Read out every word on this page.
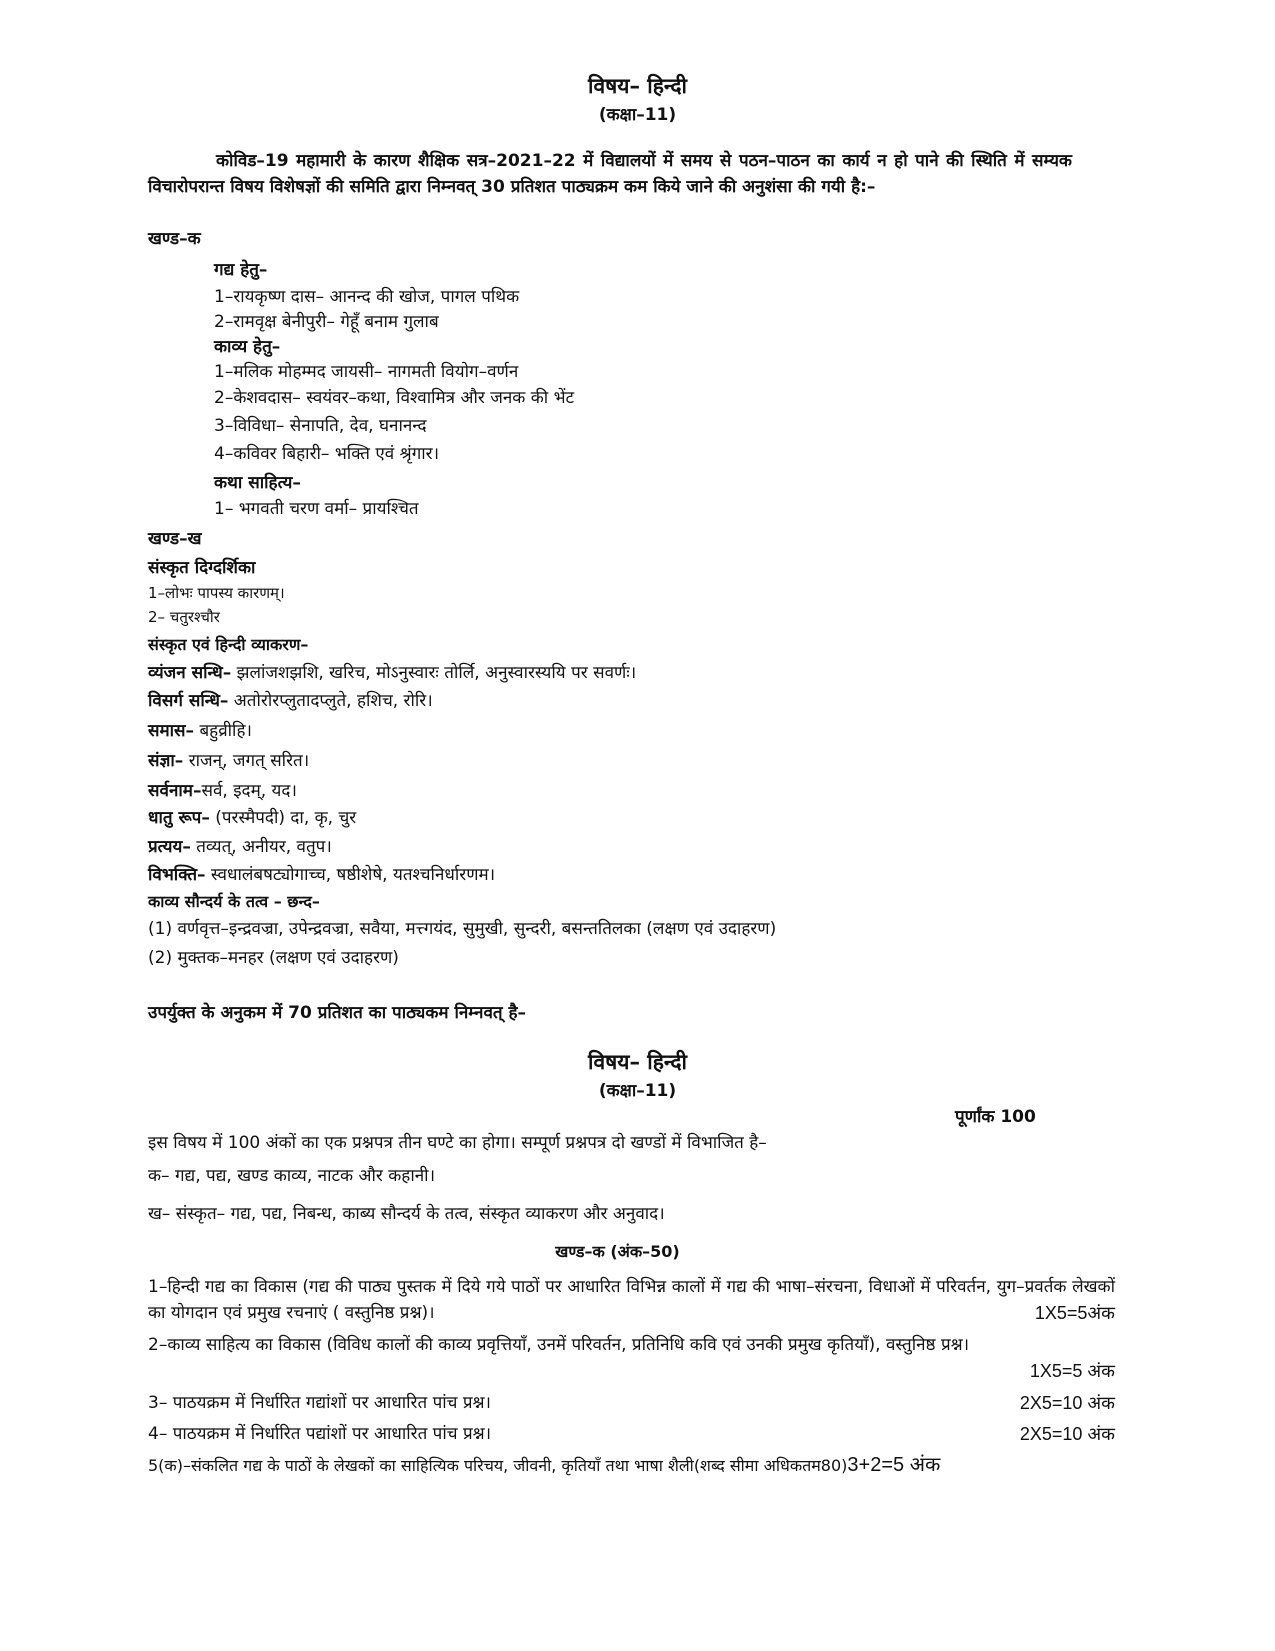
विषय– हिन्दी
(कक्षा–11)
कोविड–19 महामारी के कारण शैक्षिक सत्र–2021–22 में विद्यालयों में समय से पठन–पाठन का कार्य न हो पाने की स्थिति में सम्यक विचारोपरान्त विषय विशेषज्ञों की समिति द्वारा निम्नवत् 30 प्रतिशत पाठ्यक्रम कम किये जाने की अनुशंसा की गयी है:–
खण्ड–क
गद्य हेतु–
1–रायकृष्ण दास– आनन्द की खोज, पागल पथिक
2–रामवृक्ष बेनीपुरी– गेहूँ बनाम गुलाब
काव्य हेतु–
1–मलिक मोहम्मद जायसी– नागमती वियोग–वर्णन
2–केशवदास– स्वयंवर–कथा, विश्वामित्र और जनक की भेंट
3–विविधा– सेनापति, देव, घनानन्द
4–कविवर बिहारी– भक्ति एवं श्रृंगार।
कथा साहित्य–
1– भगवती चरण वर्मा– प्रायश्चित
खण्ड–ख
संस्कृत दिग्दर्शिका
1–लोभः पापस्य कारणम्।
2– चतुरश्चौर
संस्कृत एवं हिन्दी व्याकरण–
व्यंजन सन्धि– झलांजशझशि, खरिच, मोऽनुस्वारः तोर्लि, अनुस्वारस्ययि पर सवर्णः।
विसर्ग सन्धि– अतोरोरप्लुतादप्लुते, हशिच, रोरि।
समास– बहुव्रीहि।
संज्ञा– राजन्, जगत् सरित।
सर्वनाम–सर्व, इदम्, यद।
धातु रूप– (परस्मैपदी) दा, कृ, चुर
प्रत्यय– तव्यत्, अनीयर, वतुप।
विभक्ति– स्वधालंबषट्योगाच्च, षष्ठीशेषे, यतश्चनिर्धारणम।
काव्य सौन्दर्य के तत्व – छन्द–
(1) वर्णवृत्त–इन्द्रवज्रा, उपेन्द्रवज्रा, सवैया, मत्त्गयंद, सुमुखी, सुन्दरी, बसन्ततिलका (लक्षण एवं उदाहरण)
(2) मुक्तक–मनहर (लक्षण एवं उदाहरण)
उपर्युक्त के अनुकम में 70 प्रतिशत का पाठ्यकम निम्नवत् है–
विषय– हिन्दी
(कक्षा–11)
पूर्णांक 100
इस विषय में 100 अंकों का एक प्रश्नपत्र तीन घण्टे का होगा। सम्पूर्ण प्रश्नपत्र दो खण्डों में विभाजित है–
क– गद्य, पद्य, खण्ड काव्य, नाटक और कहानी।
ख– संस्कृत– गद्य, पद्य, निबन्ध, काब्य सौन्दर्य के तत्व, संस्कृत व्याकरण और अनुवाद।
खण्ड–क (अंक–50)
1–हिन्दी गद्य का विकास (गद्य की पाठ्य पुस्तक में दिये गये पाठों पर आधारित विभिन्न कालों में गद्य की भाषा–संरचना, विधाओं में परिवर्तन, युग–प्रवर्तक लेखकों का योगदान एवं प्रमुख रचनाएं ( वस्तुनिष्ठ प्रश्न)।	1X5=5अंक
2–काव्य साहित्य का विकास (विविध कालों की काव्य प्रवृत्तियाँ, उनमें परिवर्तन, प्रतिनिधि कवि एवं उनकी प्रमुख कृतियाँ), वस्तुनिष्ठ प्रश्न।
1X5=5 अंक
3– पाठयक्रम में निर्धारित गद्यांशों पर आधारित पांच प्रश्न।	2X5=10 अंक
4– पाठयक्रम में निर्धारित पद्यांशों पर आधारित पांच प्रश्न।	2X5=10 अंक
5(क)–संकलित गद्य के पाठों के लेखकों का साहित्यिक परिचय, जीवनी, कृतियाँ तथा भाषा शैली(शब्द सीमा अधिकतम80)3+2=5 अंक
